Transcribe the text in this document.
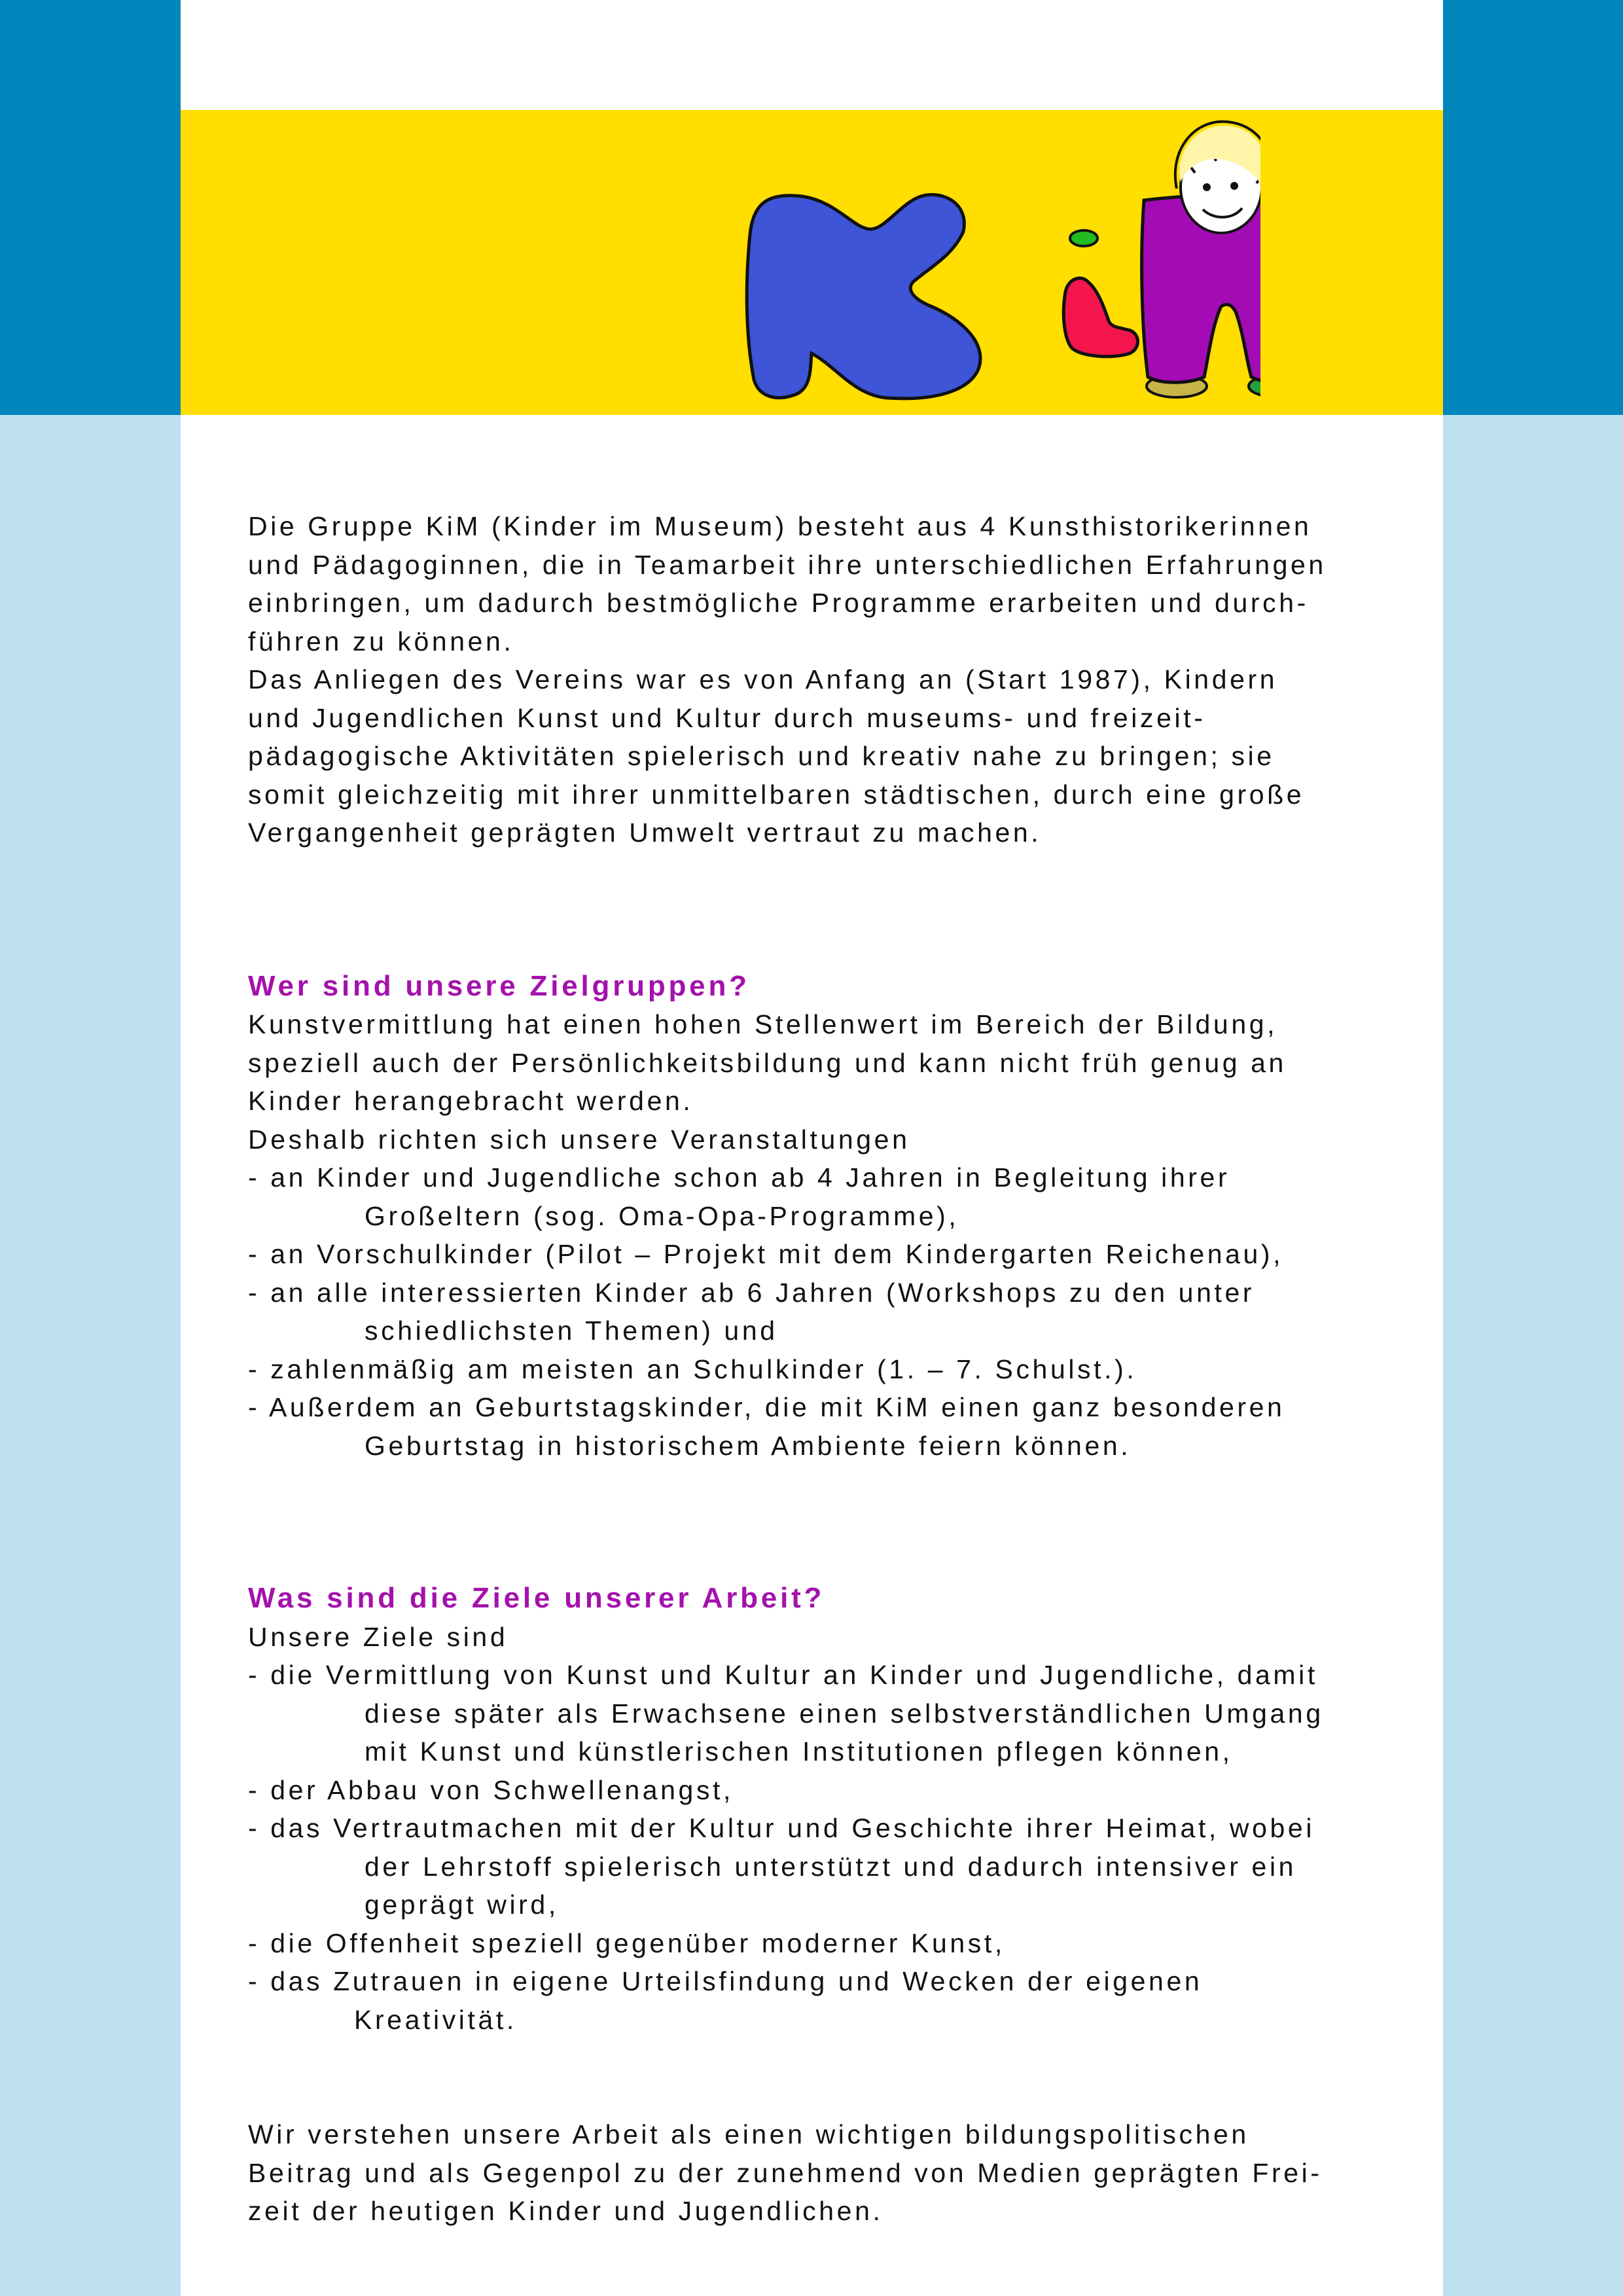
Die Gruppe KiM (Kinder im Museum) besteht aus 4 Kunsthistorikerinnen

und Pädagoginnen, die in Teamarbeit ihre unterschiedlichen Erfahrungen

einbringen, um dadurch bestmögliche Programme erarbeiten und durch-

führen zu können.

Das Anliegen des Vereins war es von Anfang an (Start 1987), Kindern

und Jugendlichen Kunst und Kultur durch museums- und freizeit-

pädagogische Aktivitäten spielerisch und kreativ nahe zu bringen; sie

somit gleichzeitig mit ihrer unmittelbaren städtischen, durch eine große

Vergangenheit geprägten Umwelt vertraut zu machen.

Wer sind unsere Zielgruppen?

Kunstvermittlung hat einen hohen Stellenwert im Bereich der Bildung,

speziell auch der Persönlichkeitsbildung und kann nicht früh genug an

Kinder herangebracht werden.

Deshalb richten sich unsere Veranstaltungen

- an Kinder und Jugendliche schon ab 4 Jahren in Begleitung ihrer

Großeltern (sog. Oma-Opa-Programme),

- an Vorschulkinder (Pilot – Projekt mit dem Kindergarten Reichenau),

- an alle interessierten Kinder ab 6 Jahren (Workshops zu den unter

schiedlichsten Themen) und

- zahlenmäßig am meisten an Schulkinder (1. – 7. Schulst.).

- Außerdem an Geburtstagskinder, die mit KiM einen ganz besonderen

Geburtstag in historischem Ambiente feiern können.

Was sind die Ziele unserer Arbeit?

Unsere Ziele sind

- die Vermittlung von Kunst und Kultur an Kinder und Jugendliche, damit

diese später als Erwachsene einen selbstverständlichen Umgang

mit Kunst und künstlerischen Institutionen pflegen können,

- der Abbau von Schwellenangst,

- das Vertrautmachen mit der Kultur und Geschichte ihrer Heimat, wobei

der Lehrstoff spielerisch unterstützt und dadurch intensiver ein

geprägt wird,

- die Offenheit speziell gegenüber moderner Kunst,

- das Zutrauen in eigene Urteilsfindung und Wecken der eigenen

Kreativität.

Wir verstehen unsere Arbeit als einen wichtigen bildungspolitischen

Beitrag und als Gegenpol zu der zunehmend von Medien geprägten Frei-

zeit der heutigen Kinder und Jugendlichen.
